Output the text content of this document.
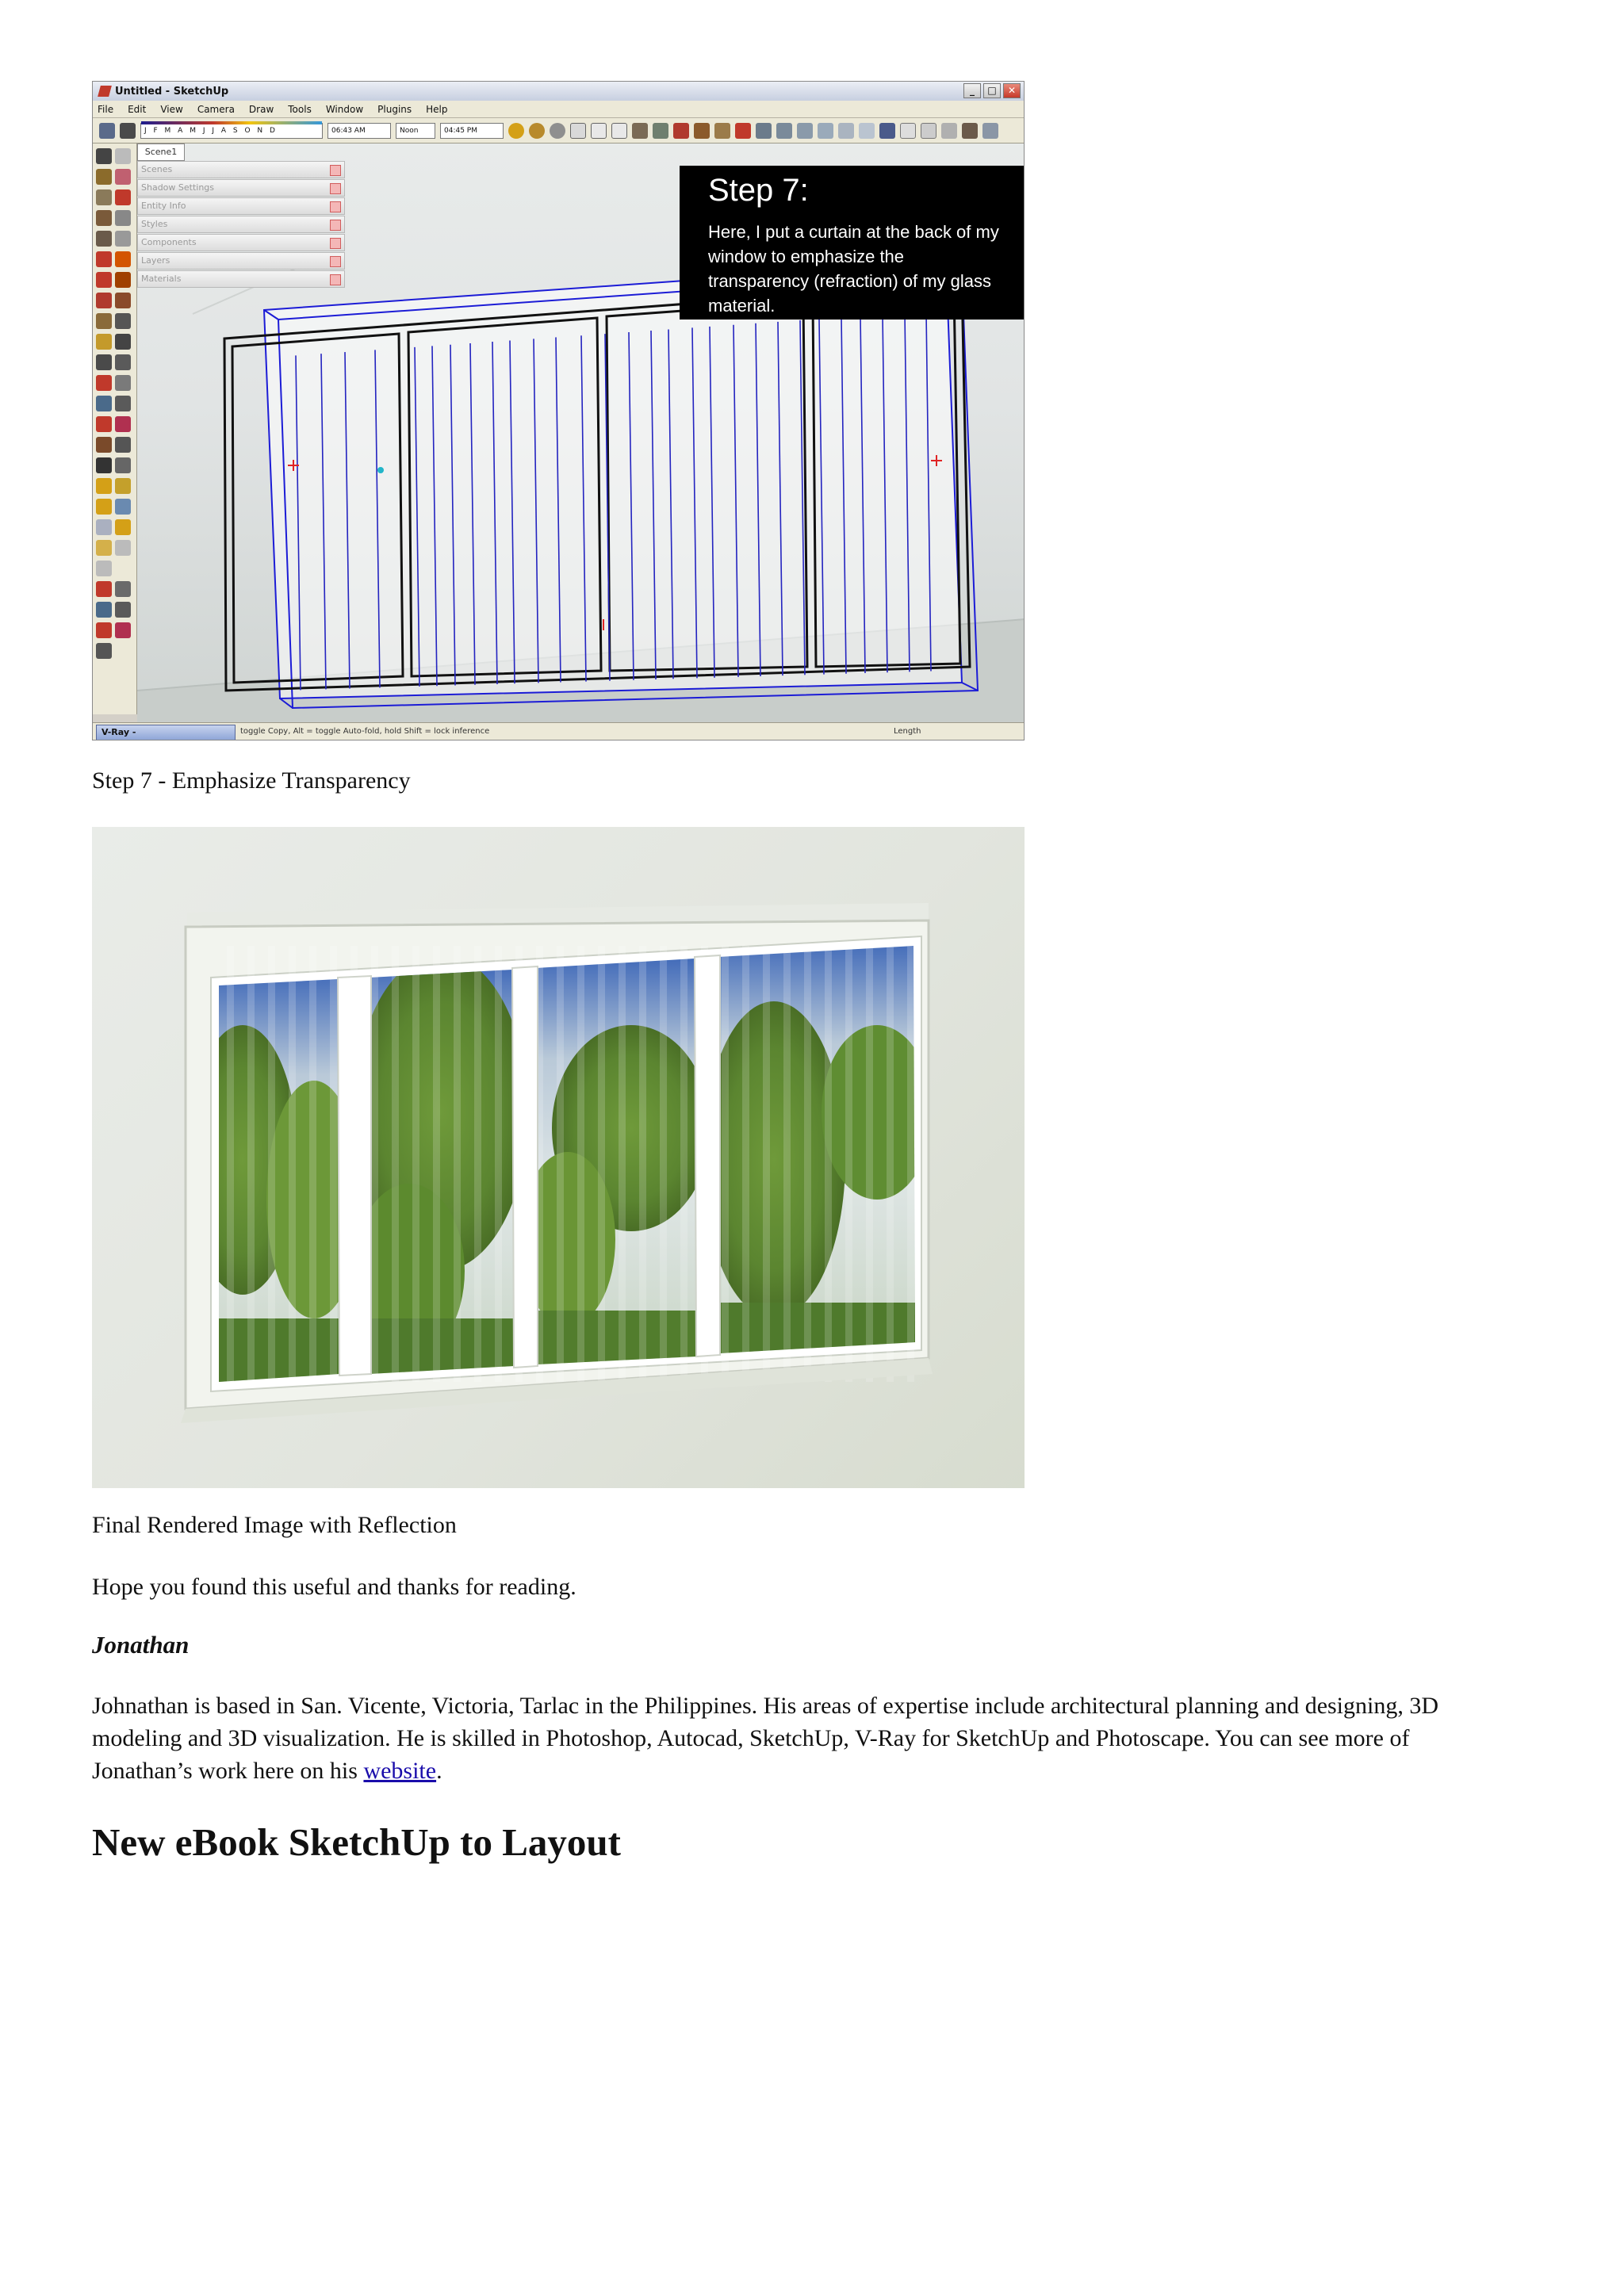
Untitled - SketchUp	_	□	✕
File Edit View Camera Draw Tools Window Plugins Help
J F M A M J J A S O N D	06:43 AM	Noon	04:45 PM
Scene1
Scenes
Shadow Settings
Entity Info
Styles
Components
Layers
Materials
Step 7:
Here, I put a curtain at the back of my window to emphasize the transparency (refraction) of my glass material.
V-Ray -	toggle Copy, Alt = toggle Auto-fold, hold Shift = lock inference	Length
Step 7 - Emphasize Transparency
Final Rendered Image with Reflection
Hope you found this useful and thanks for reading.
Jonathan
Johnathan is based in San. Vicente, Victoria, Tarlac in the Philippines. His areas of expertise include architectural planning and designing, 3D modeling and 3D visualization. He is skilled in Photoshop, Autocad, SketchUp, V-Ray for SketchUp and Photoscape. You can see more of Jonathan’s work here on his website.
New eBook SketchUp to Layout
